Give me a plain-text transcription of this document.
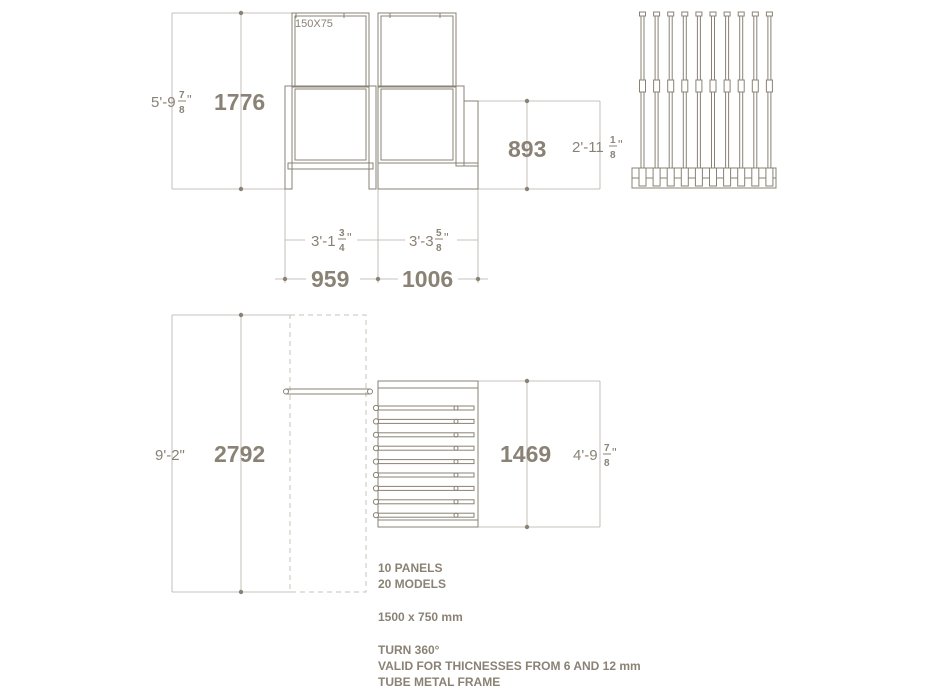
150X75
5'-9 7
8
" 1776
893 2'-11 1
8
"
3'-1 3
4
"	3'-3 5
8
"
959 1006
9'-2" 2792	1469 4'-9 7
8
"
10 PANELS
20 MODELS
1500 x 750 mm
TURN 360°
VALID FOR THICNESSES FROM 6 AND 12 mm
TUBE METAL FRAME
